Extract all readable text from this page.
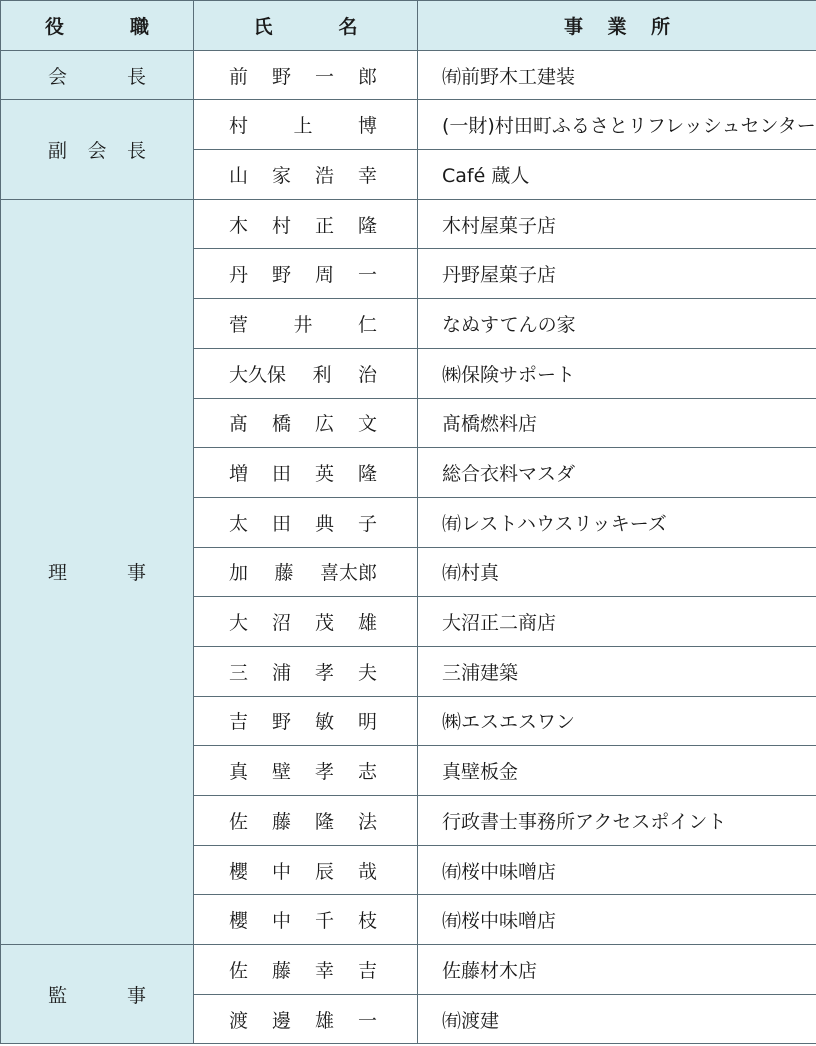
役 職	氏 名	事 業 所

会 長	前 野 一 郎	㈲前野木工建装

副 会 長	村 上 博	(一財)村田町ふるさとリフレッシュセンター

	山 家 浩 幸	Café 蔵人

理 事	木 村 正 隆	木村屋菓子店

	丹 野 周 一	丹野屋菓子店

	菅 井 仁	なぬすてんの家

	大久保 利 治	㈱保険サポート

	髙 橋 広 文	髙橋燃料店

	増 田 英 隆	総合衣料マスダ

	太 田 典 子	㈲レストハウスリッキーズ

	加 藤 喜太郎	㈲村真

	大 沼 茂 雄	大沼正二商店

	三 浦 孝 夫	三浦建築

	吉 野 敏 明	㈱エスエスワン

	真 壁 孝 志	真壁板金

	佐 藤 隆 法	行政書士事務所アクセスポイント

	櫻 中 辰 哉	㈲桜中味噌店

	櫻 中 千 枝	㈲桜中味噌店

監 事	佐 藤 幸 吉	佐藤材木店

	渡 邊 雄 一	㈲渡建
